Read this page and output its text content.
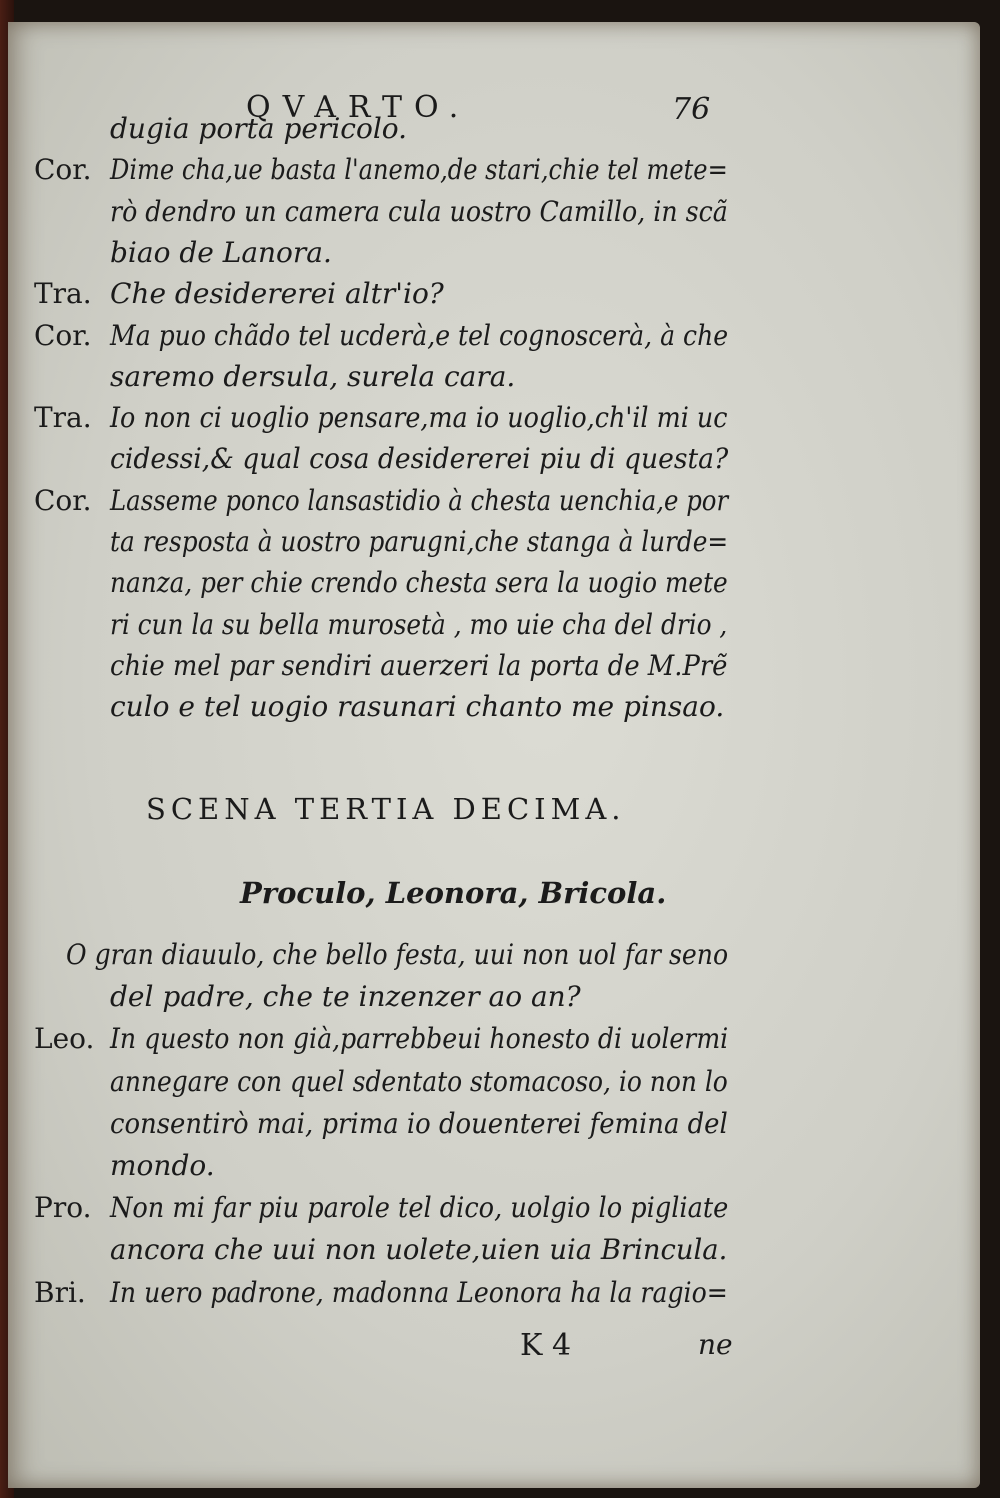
QVARTO.	76
dugia porta pericolo.
Cor. Dime cha,ue basta l'anemo,de stari,chie tel mete=
rò dendro un camera cula uostro Camillo, in scã
biao de Lanora.
Tra. Che desidererei altr'io?
Cor. Ma puo chãdo tel ucderà,e tel cognoscerà, à che
saremo dersula, surela cara.
Tra. Io non ci uoglio pensare,ma io uoglio,ch'il mi uc
cidessi,& qual cosa desidererei piu di questa?
Cor. Lasseme ponco lansastidio à chesta uenchia,e por
ta resposta à uostro parugni,che stanga à lurde=
nanza, per chie crendo chesta sera la uogio mete
ri cun la su bella murosetà , mo uie cha del drio ,
chie mel par sendiri auerzeri la porta de M.Prẽ
culo e tel uogio rasunari chanto me pinsao.
SCENA TERTIA DECIMA.
Proculo, Leonora, Bricola.
O gran diauulo, che bello festa, uui non uol far seno
del padre, che te inzenzer ao an?
Leo. In questo non già,parrebbeui honesto di uolermi
annegare con quel sdentato stomacoso, io non lo
consentirò mai, prima io douenterei femina del
mondo.
Pro. Non mi far piu parole tel dico, uolgio lo pigliate
ancora che uui non uolete,uien uia Brincula.
Bri. In uero padrone, madonna Leonora ha la ragio=
K 4	ne
